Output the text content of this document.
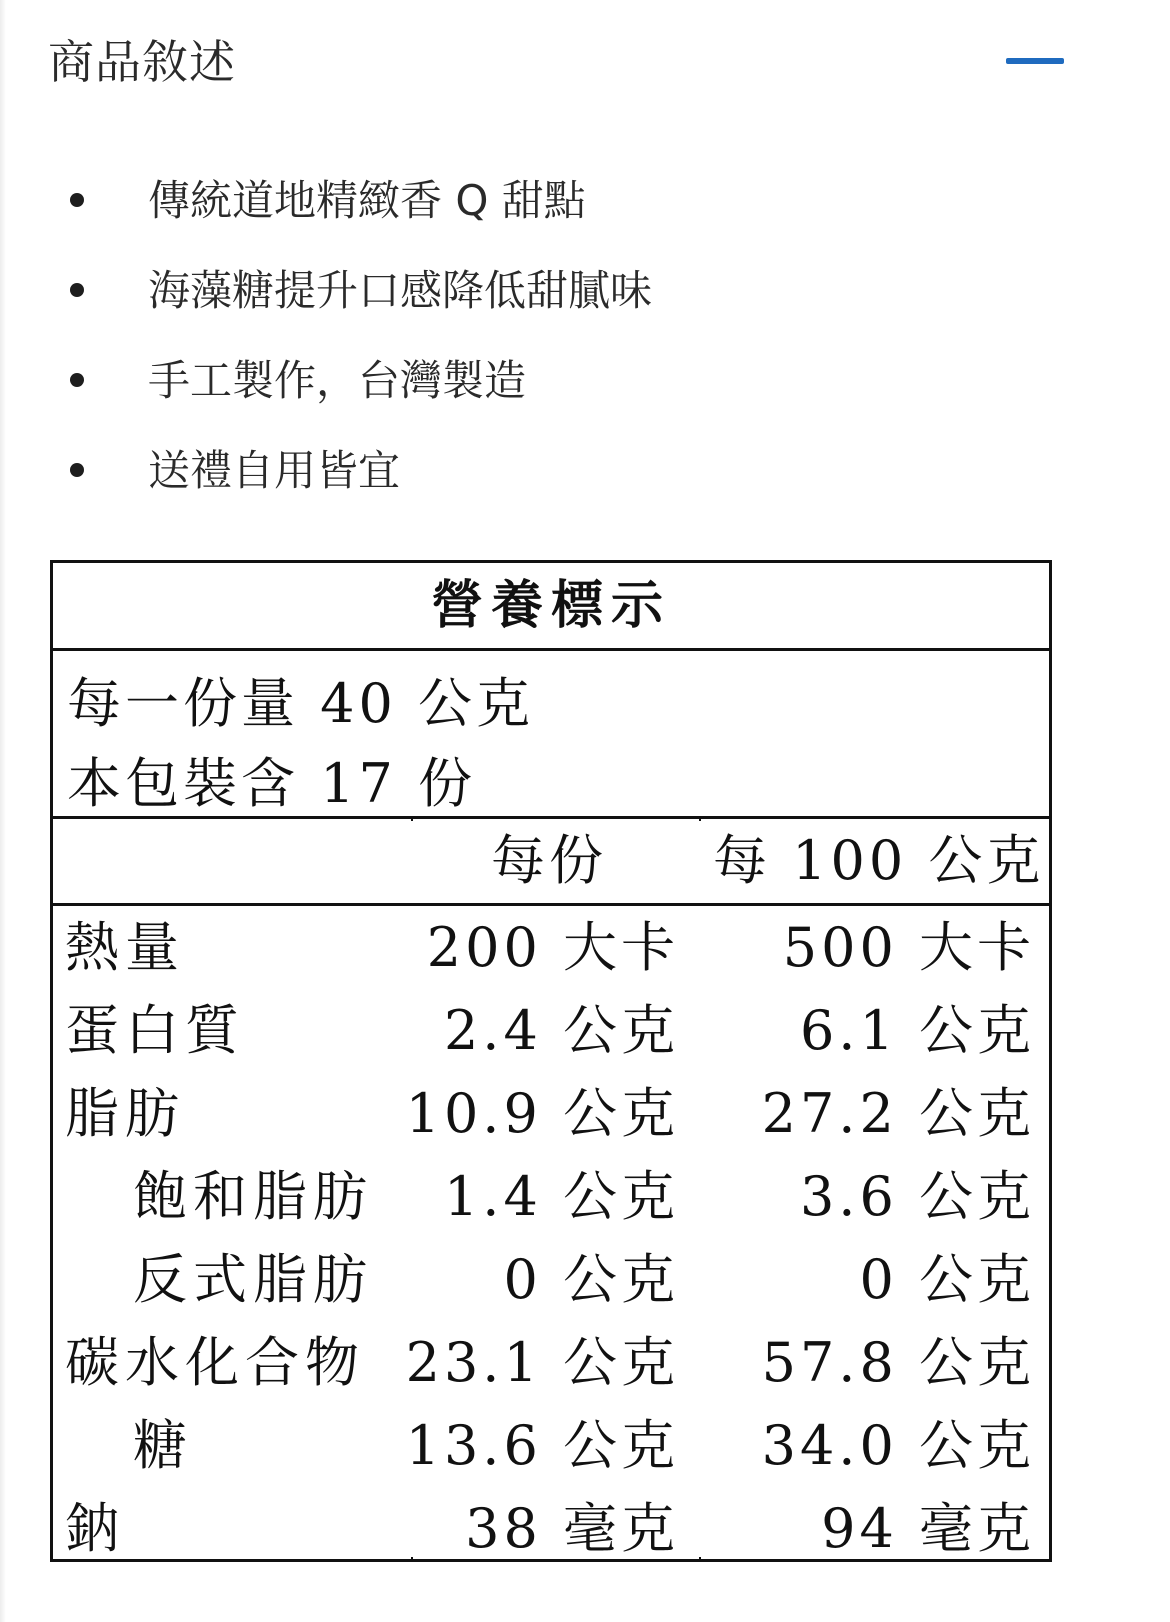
商品敘述
傳統道地精緻香 Q 甜點
海藻糖提升口感降低甜膩味
手工製作，台灣製造
送禮自用皆宜
營養標示
每一份量 40 公克
本包裝含 17 份
每份 每 100 公克
熱量	200 大卡 500 大卡
蛋白質	2.4 公克 6.1 公克
脂肪	10.9 公克 27.2 公克
飽和脂肪 1.4 公克 3.6 公克
反式脂肪 0 公克	0 公克
碳水化合物 23.1 公克 57.8 公克
糖	13.6 公克 34.0 公克
鈉	38 毫克	94 毫克
